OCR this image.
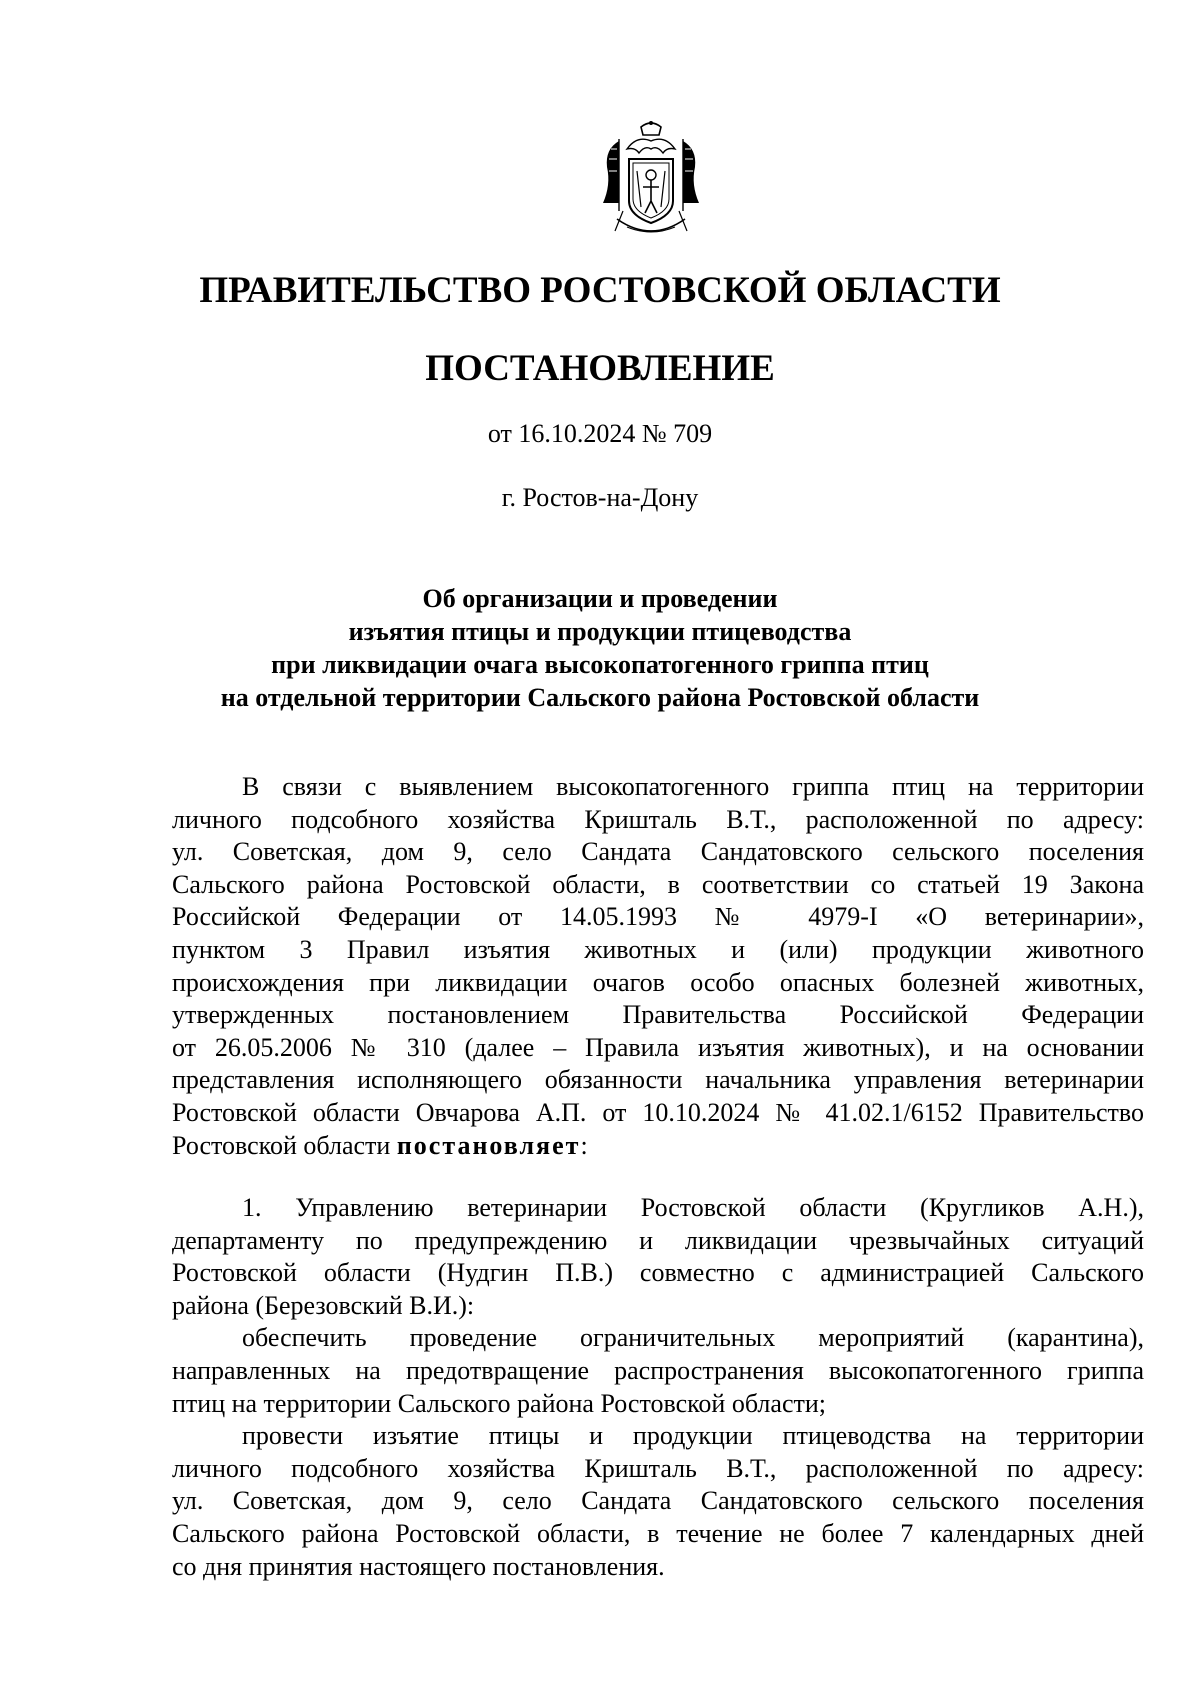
ПРАВИТЕЛЬСТВО РОСТОВСКОЙ ОБЛАСТИ
ПОСТАНОВЛЕНИЕ
от 16.10.2024 № 709
г. Ростов-на-Дону
Об организации и проведении
изъятия птицы и продукции птицеводства
при ликвидации очага высокопатогенного гриппа птиц
на отдельной территории Сальского района Ростовской области
В связи с выявлением высокопатогенного гриппа птиц на территории
личного подсобного хозяйства Кришталь В.Т., расположенной по адресу:
ул. Советская, дом 9, село Сандата Сандатовского сельского поселения
Сальского района Ростовской области, в соответствии со статьей 19 Закона
Российской Федерации от 14.05.1993 № 4979-I «О ветеринарии»,
пунктом 3 Правил изъятия животных и (или) продукции животного
происхождения при ликвидации очагов особо опасных болезней животных,
утвержденных постановлением Правительства Российской Федерации
от 26.05.2006 № 310 (далее – Правила изъятия животных), и на основании
представления исполняющего обязанности начальника управления ветеринарии
Ростовской области Овчарова А.П. от 10.10.2024 № 41.02.1/6152 Правительство
Ростовской области постановляет:
1. Управлению ветеринарии Ростовской области (Кругликов А.Н.),
департаменту по предупреждению и ликвидации чрезвычайных ситуаций
Ростовской области (Нудгин П.В.) совместно с администрацией Сальского
района (Березовский В.И.):
обеспечить проведение ограничительных мероприятий (карантина),
направленных на предотвращение распространения высокопатогенного гриппа
птиц на территории Сальского района Ростовской области;
провести изъятие птицы и продукции птицеводства на территории
личного подсобного хозяйства Кришталь В.Т., расположенной по адресу:
ул. Советская, дом 9, село Сандата Сандатовского сельского поселения
Сальского района Ростовской области, в течение не более 7 календарных дней
со дня принятия настоящего постановления.
